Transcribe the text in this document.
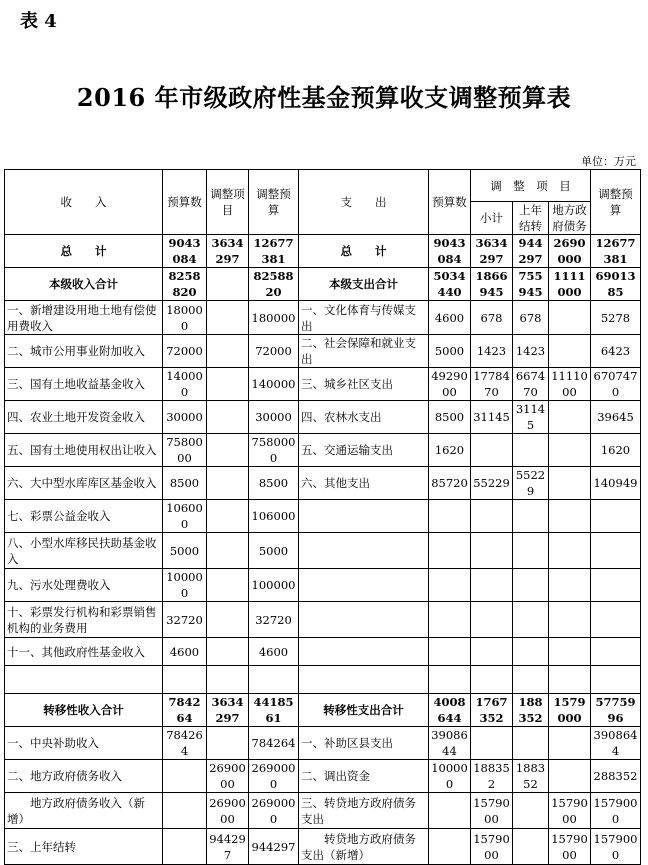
表 4
2016 年市级政府性基金预算收支调整预算表
单位：万元
收　　入	预算数	调整项目	调整预算	支　　出	预算数	调　整　项　目			调整预算
						小计	上年结转	地方政府债务	
总　　计	9043084	3634297	12677381	总　　计	9043084	3634297	944297	2690000	12677381
本级收入合计	8258820		8258820	本级支出合计	5034440	1866945	755945	1111000	6901385
一、新增建设用地土地有偿使用费收入	180000		180000	一、文化体育与传媒支出	4600	678	678		5278
二、城市公用事业附加收入	72000		72000	二、社会保障和就业支出	5000	1423	1423		6423
三、国有土地收益基金收入	140000		140000	三、城乡社区支出	4929000	1778470	667470	1111000	6707470
四、农业土地开发资金收入	30000		30000	四、农林水支出	8500	31145	31145		39645
五、国有土地使用权出让收入	7580000		7580000	五、交通运输支出	1620				1620
六、大中型水库库区基金收入	8500		8500	六、其他支出	85720	55229	55229		140949
七、彩票公益金收入	106000		106000						
八、小型水库移民扶助基金收入	5000		5000						
九、污水处理费收入	100000		100000						
十、彩票发行机构和彩票销售机构的业务费用	32720		32720						
十一、其他政府性基金收入	4600		4600						

转移性收入合计	784264	3634297	4418561	转移性支出合计	4008644	1767352	188352	1579000	5775996
一、中央补助收入	784264		784264	一、补助区县支出	3908644				3908644
二、地方政府债务收入		2690000	2690000	二、调出资金	100000	188352	188352		288352
　　地方政府债务收入（新增）		2690000	2690000	三、转贷地方政府债务支出		1579000		1579000	1579000
三、上年结转		944297	944297	　　转贷地方政府债务支出（新增）		1579000		1579000	1579000
